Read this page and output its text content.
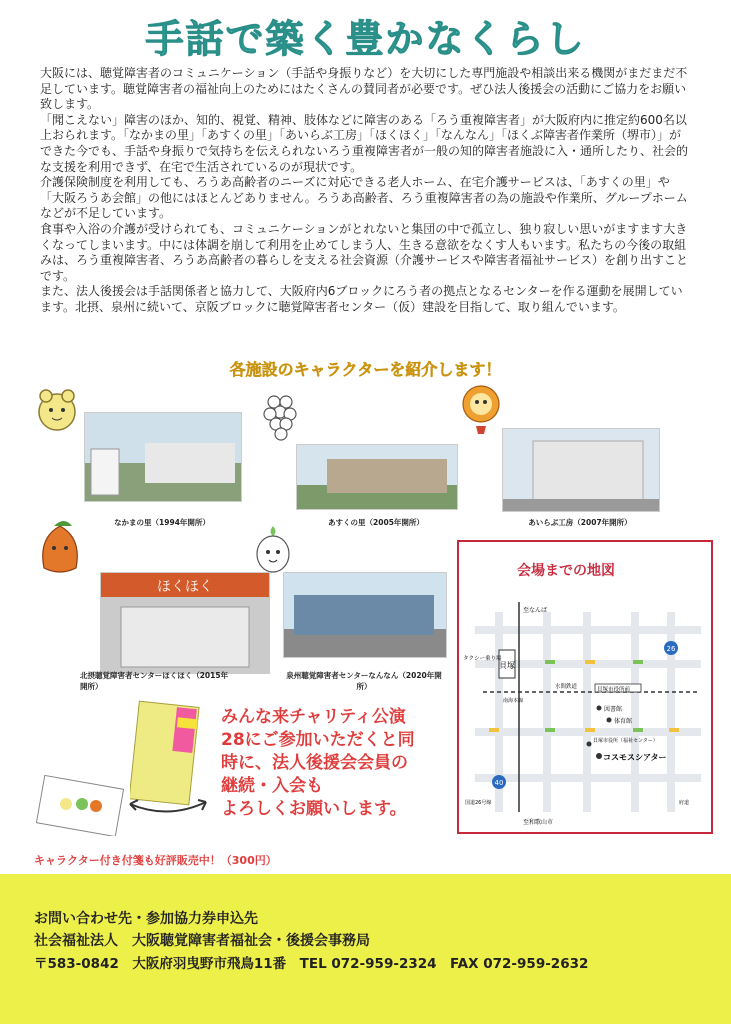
手話で築く豊かなくらし

大阪には、聴覚障害者のコミュニケーション（手話や身振りなど）を大切にした専門施設や相談出来る機関がまだまだ不足しています。聴覚障害者の福祉向上のためにはたくさんの賛同者が必要です。ぜひ法人後援会の活動にご協力をお願い致します。

「聞こえない」障害のほか、知的、視覚、精神、肢体などに障害のある「ろう重複障害者」が大阪府内に推定約600名以上おられます。「なかまの里」「あすくの里」「あいらぶ工房」「ほくほく」「なんなん」「ほくぶ障害者作業所（堺市）」ができた今でも、手話や身振りで気持ちを伝えられないろう重複障害者が一般の知的障害者施設に入・通所したり、社会的な支援を利用できず、在宅で生活されているのが現状です。

介護保険制度を利用しても、ろうあ高齢者のニーズに対応できる老人ホーム、在宅介護サービスは、「あすくの里」や「大阪ろうあ会館」の他にはほとんどありません。ろうあ高齢者、ろう重複障害者の為の施設や作業所、グループホームなどが不足しています。

食事や入浴の介護が受けられても、コミュニケーションがとれないと集団の中で孤立し、独り寂しい思いがますます大きくなってしまいます。中には体調を崩して利用を止めてしまう人、生きる意欲をなくす人もいます。私たちの今後の取組みは、ろう重複障害者、ろうあ高齢者の暮らしを支える社会資源（介護サービスや障害者福祉サービス）を創り出すことです。

また、法人後援会は手話関係者と協力して、大阪府内6ブロックにろう者の拠点となるセンターを作る運動を展開しています。北摂、泉州に続いて、京阪ブロックに聴覚障害者センター（仮）建設を目指して、取り組んでいます。

各施設のキャラクターを紹介します！
なかまの里（1994年開所）	あすくの里（2005年開所）	あいらぶ工房（2007年開所）
ほくほく
北摂聴覚障害者センターほくほく（2015年開所）
泉州聴覚障害者センターなんなん（2020年開所）
みんな来チャリティ公演
28にご参加いただくと同
時に、法人後援会会員の
継続・入会も
よろしくお願いします。
キャラクター付き付箋も好評販売中！（300円）
会場までの地図
貝塚
至なんば
至和歌山市
タクシー乗り場
水間鉄道	貝塚市役所前
図書館
体育館
貝塚市役所（福祉センター）
コスモスシアター
26
40
南海本線
国道26号線	府道
お問い合わせ先・参加協力券申込先
社会福祉法人　大阪聴覚障害者福祉会・後援会事務局
〒583-0842　大阪府羽曳野市飛鳥11番　TEL 072-959-2324　FAX 072-959-2632
